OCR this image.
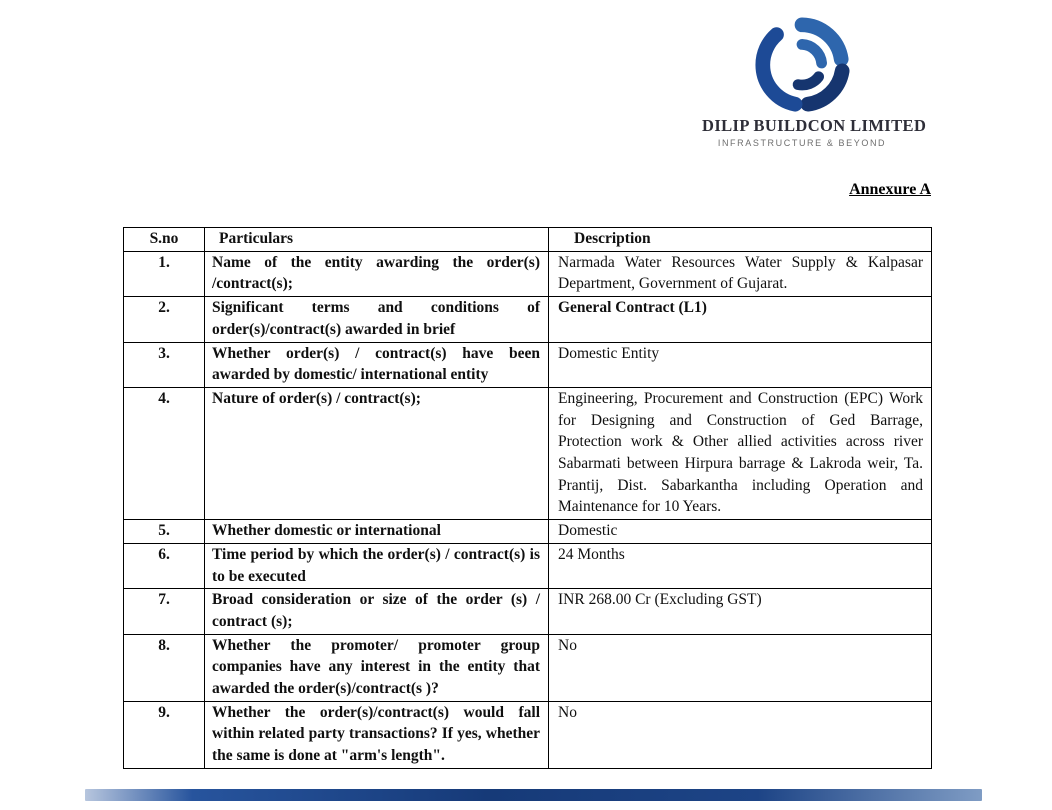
DILIP BUILDCON LIMITED
INFRASTRUCTURE & BEYOND
Annexure A
S.no	Particulars	Description
1.	Name of the entity awarding the order(s) /contract(s);	Narmada Water Resources Water Supply & Kalpasar Department, Government of Gujarat.
2.	Significant terms and conditions of order(s)/contract(s) awarded in brief	General Contract (L1)
3.	Whether order(s) / contract(s) have been awarded by domestic/ international entity	Domestic Entity
4.	Nature of order(s) / contract(s);	Engineering, Procurement and Construction (EPC) Work for Designing and Construction of Ged Barrage, Protection work & Other allied activities across river Sabarmati between Hirpura barrage & Lakroda weir, Ta. Prantij, Dist. Sabarkantha including Operation and Maintenance for 10 Years.
5.	Whether domestic or international	Domestic
6.	Time period by which the order(s) / contract(s) is to be executed	24 Months
7.	Broad consideration or size of the order (s) / contract (s);	INR 268.00 Cr (Excluding GST)
8.	Whether the promoter/ promoter group companies have any interest in the entity that awarded the order(s)/contract(s )?	No
9.	Whether the order(s)/contract(s) would fall within related party transactions? If yes, whether the same is done at "arm's length".	No
